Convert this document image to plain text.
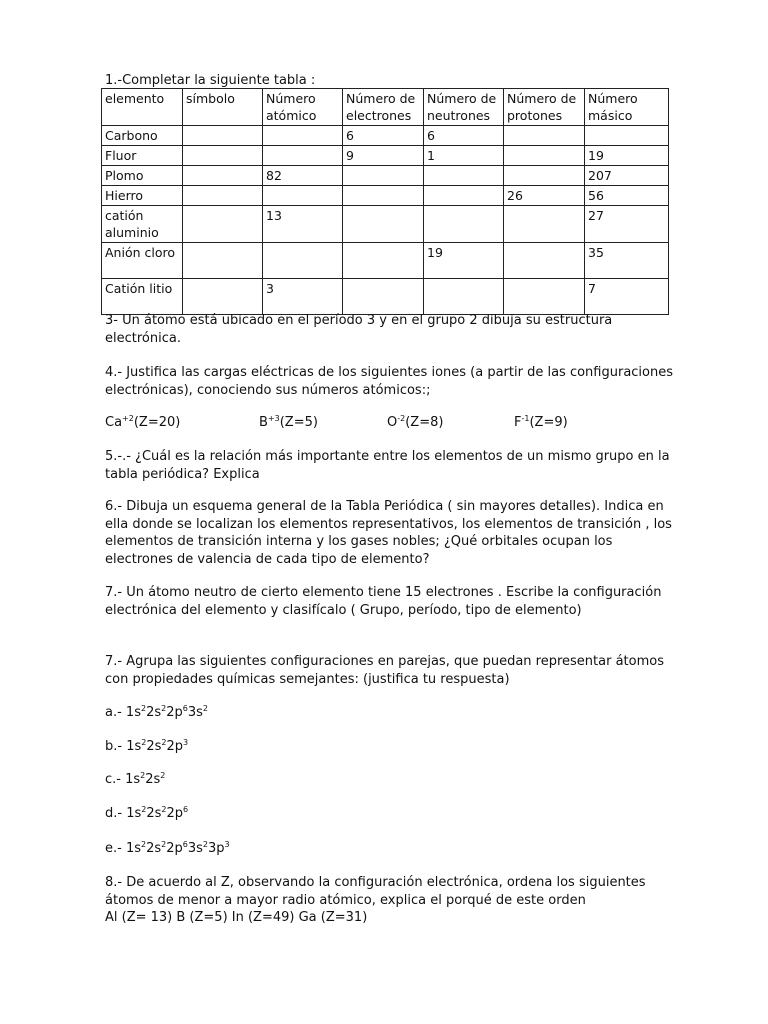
1.-Completar la siguiente tabla :
elemento	símbolo	Número atómico	Número de electrones	Número de neutrones	Número de protones	Número másico
Carbono			6	6		
Fluor			9	1		19
Plomo		82				207
Hierro					26	56
catión aluminio		13				27
Anión cloro				19		35
Catión litio		3				7

3- Un átomo está ubicado en el período 3 y en el grupo 2 dibuja su estructura electrónica.

4.- Justifica las cargas eléctricas de los siguientes iones (a partir de las configuraciones electrónicas), conociendo sus números atómicos:;

Ca+2(Z=20)	B+3(Z=5)	O-2(Z=8)	F-1(Z=9)

5.-.- ¿Cuál es la relación más importante entre los elementos de un mismo grupo en la tabla periódica? Explica

6.- Dibuja un esquema general de la Tabla Periódica ( sin mayores detalles). Indica en ella donde se localizan los elementos representativos, los elementos de transición , los elementos de transición interna y los gases nobles; ¿Qué orbitales ocupan los electrones de valencia de cada tipo de elemento?

7.- Un átomo neutro de cierto elemento tiene 15 electrones . Escribe la configuración electrónica del elemento y clasifícalo ( Grupo, período, tipo de elemento)

7.- Agrupa las siguientes configuraciones en parejas, que puedan representar átomos con propiedades químicas semejantes: (justifica tu respuesta)

a.- $1s^22s^22p^63s^2$
b.- $1s^22s^22p^3$
c.- $1s^22s^2$
d.- $1s^22s^22p^6$
e.- $1s^22s^22p^63s^23p^3$

8.- De acuerdo al Z, observando la configuración electrónica, ordena los siguientes átomos de menor a mayor radio atómico, explica el porqué de este orden

Al (Z= 13) B (Z=5) In (Z=49) Ga (Z=31)
